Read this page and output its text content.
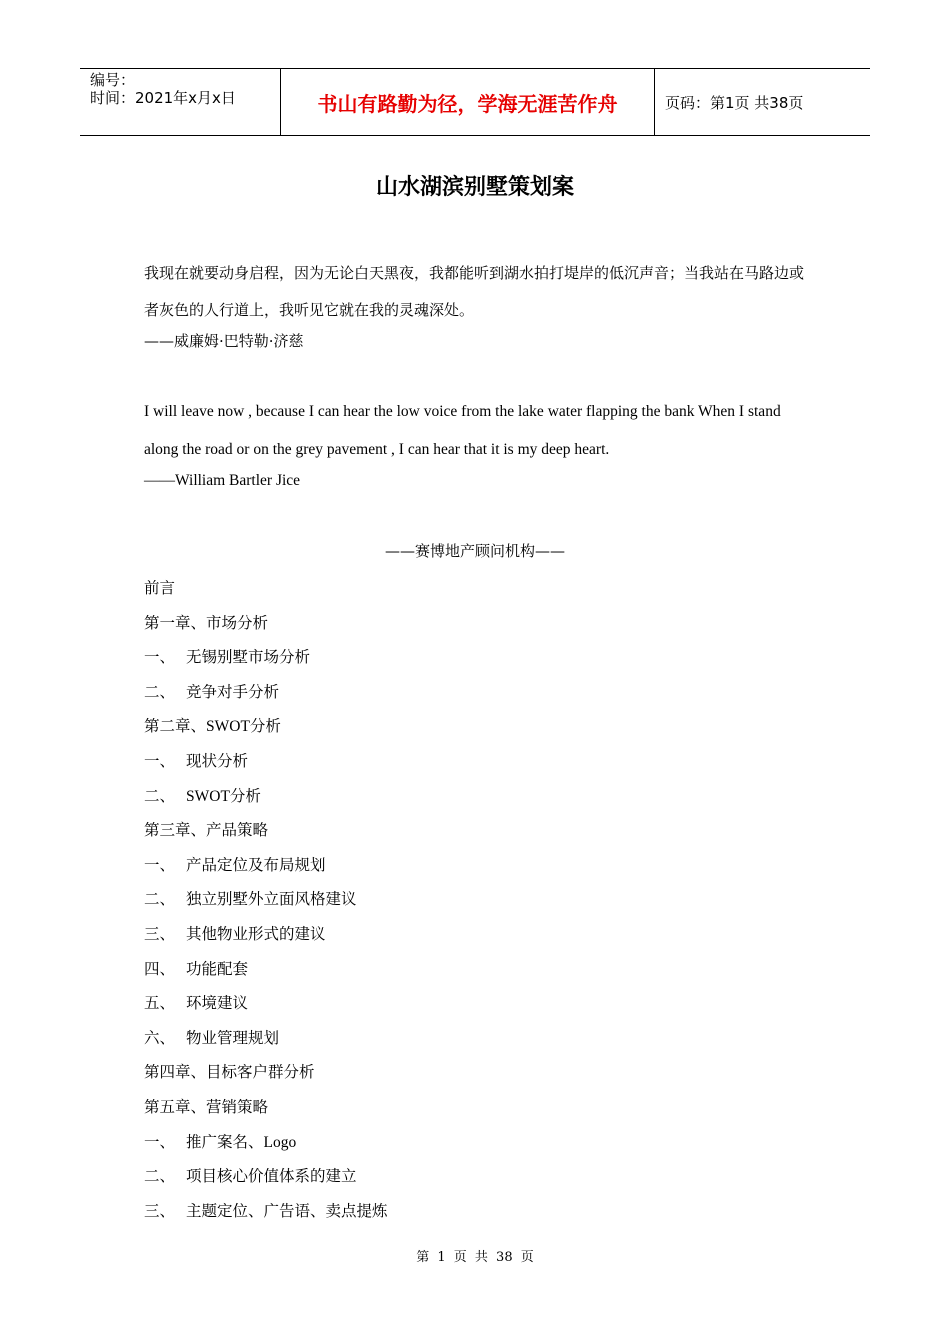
编号：
时间：2021年x月x日	书山有路勤为径，学海无涯苦作舟	页码：第1页 共38页
山水湖滨别墅策划案
我现在就要动身启程，因为无论白天黑夜，我都能听到湖水拍打堤岸的低沉声音；当我站在马路边或者灰色的人行道上，我听见它就在我的灵魂深处。
——威廉姆·巴特勒·济慈
I will leave now , because I can hear the low voice from the lake water flapping the bank When I stand along the road or on the grey pavement , I can hear that it is my deep heart.
——William Bartler Jice
——赛博地产顾问机构——
前言
第一章、市场分析
一、 无锡别墅市场分析
二、 竞争对手分析
第二章、SWOT分析
一、 现状分析
二、 SWOT分析
第三章、产品策略
一、 产品定位及布局规划
二、 独立别墅外立面风格建议
三、 其他物业形式的建议
四、 功能配套
五、 环境建议
六、 物业管理规划
第四章、目标客户群分析
第五章、营销策略
一、 推广案名、Logo
二、 项目核心价值体系的建立
三、 主题定位、广告语、卖点提炼
第 1 页 共 38 页
